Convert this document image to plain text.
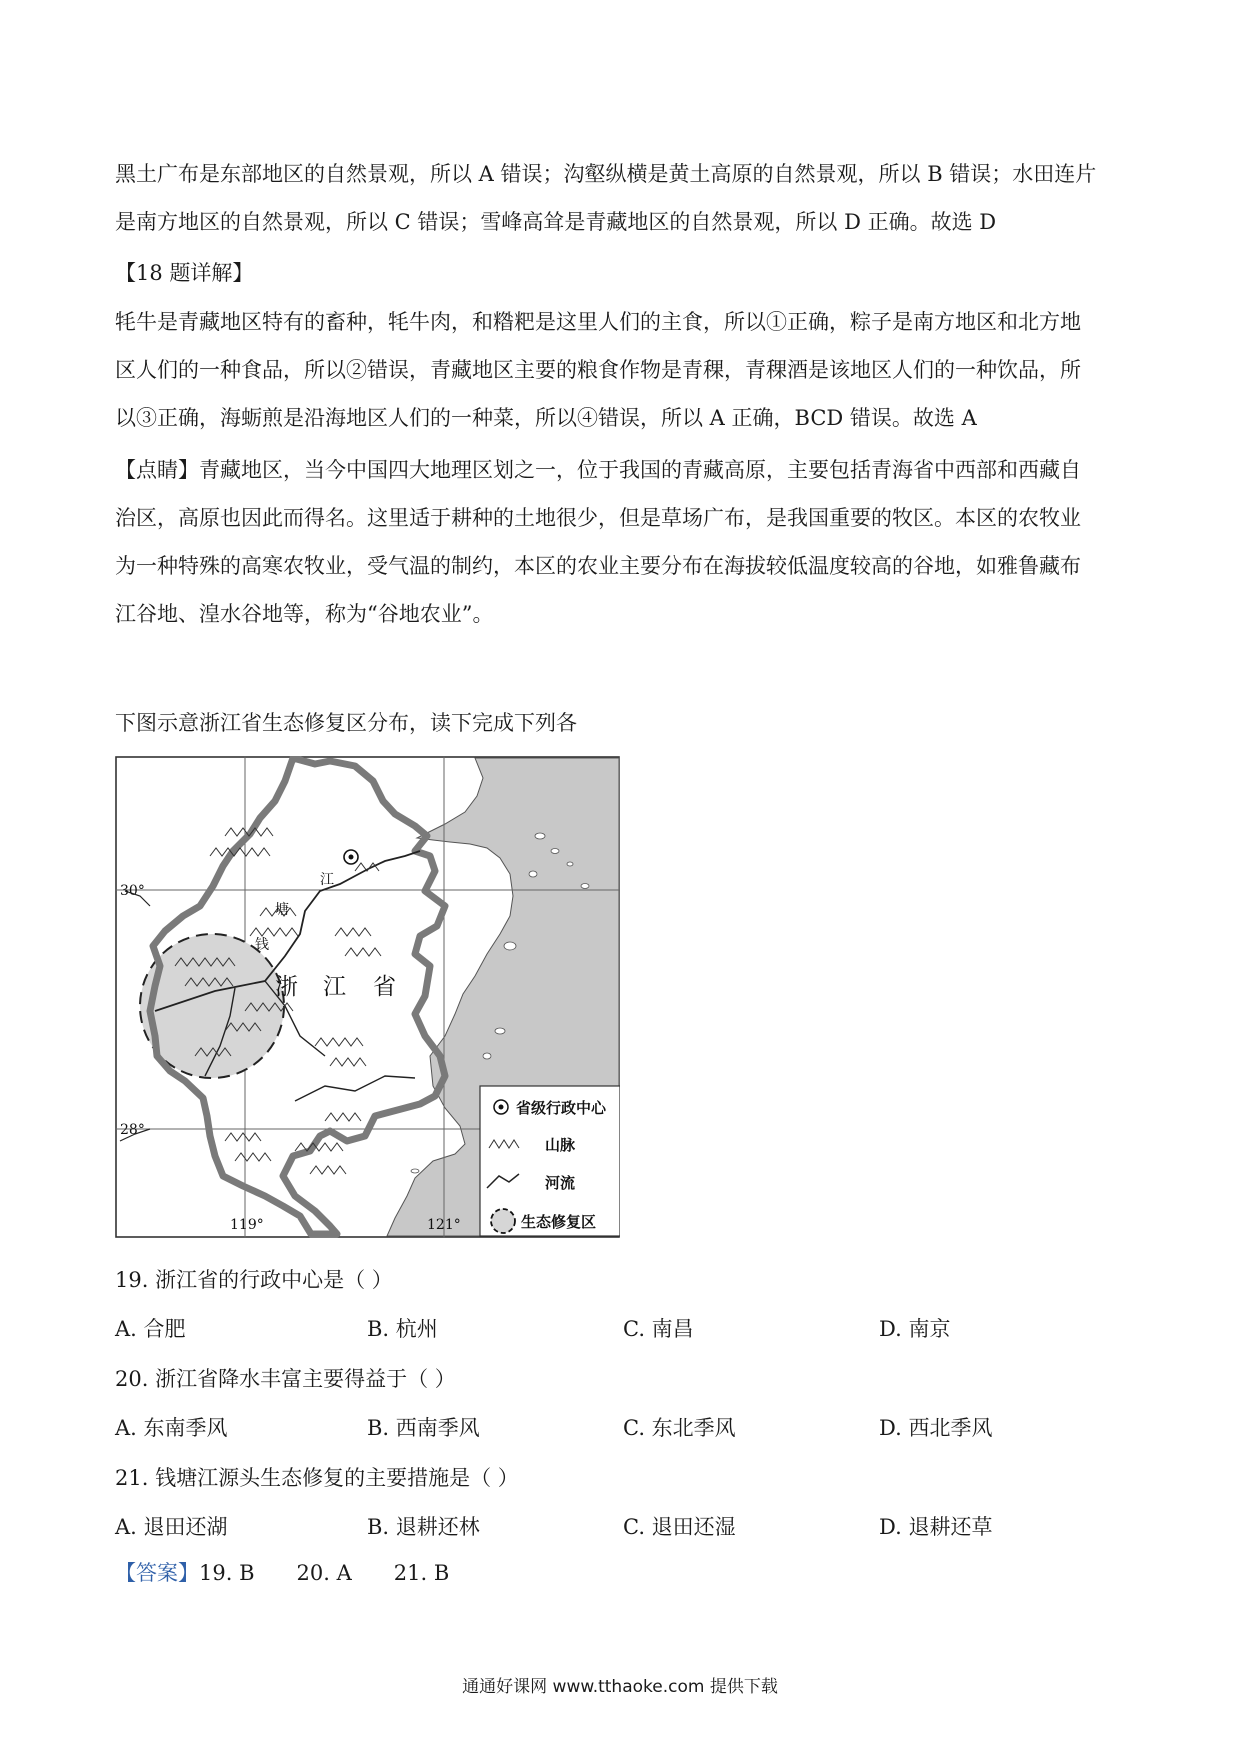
黑土广布是东部地区的自然景观，所以 A 错误；沟壑纵横是黄土高原的自然景观，所以 B 错误；水田连片
是南方地区的自然景观，所以 C 错误；雪峰高耸是青藏地区的自然景观，所以 D 正确。故选 D
【18 题详解】
牦牛是青藏地区特有的畜种，牦牛肉，和糌粑是这里人们的主食，所以①正确，粽子是南方地区和北方地
区人们的一种食品，所以②错误，青藏地区主要的粮食作物是青稞，青稞酒是该地区人们的一种饮品，所
以③正确，海蛎煎是沿海地区人们的一种菜，所以④错误，所以 A 正确，BCD 错误。故选 A
【点睛】青藏地区，当今中国四大地理区划之一，位于我国的青藏高原，主要包括青海省中西部和西藏自
治区，高原也因此而得名。这里适于耕种的土地很少，但是草场广布，是我国重要的牧区。本区的农牧业
为一种特殊的高寒农牧业，受气温的制约，本区的农业主要分布在海拔较低温度较高的谷地，如雅鲁藏布
江谷地、湟水谷地等，称为“谷地农业”。
下图示意浙江省生态修复区分布，读下完成下列各
江
塘
钱
浙 江 省
30°
28°
119°	121°
省级行政中心
山脉
河流
生态修复区
19. 浙江省的行政中心是（ ）
A. 合肥	B. 杭州	C. 南昌	D. 南京
20. 浙江省降水丰富主要得益于（ ）
A. 东南季风	B. 西南季风	C. 东北季风	D. 西北季风
21. 钱塘江源头生态修复的主要措施是（ ）
A. 退田还湖	B. 退耕还林	C. 退田还湿	D. 退耕还草
【答案】19. B 20. A 21. B
通通好课网 www.tthaoke.com 提供下载
